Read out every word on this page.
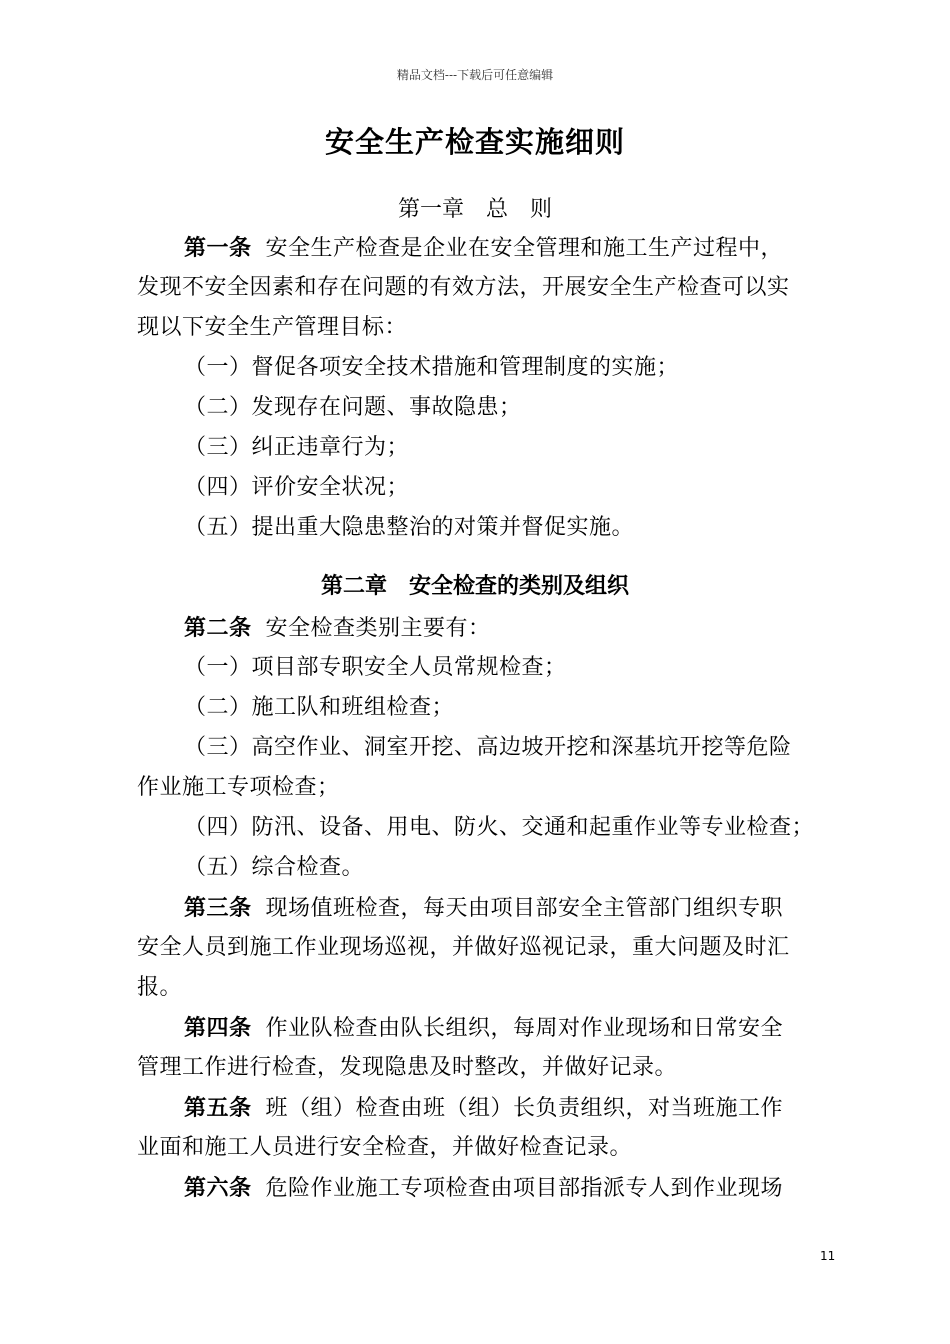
精品文档---下载后可任意编辑
安全生产检查实施细则
第一章　总　则
第一条 安全生产检查是企业在安全管理和施工生产过程中，
发现不安全因素和存在问题的有效方法，开展安全生产检查可以实
现以下安全生产管理目标：
（一）督促各项安全技术措施和管理制度的实施；
（二）发现存在问题、事故隐患；
（三）纠正违章行为；
（四）评价安全状况；
（五）提出重大隐患整治的对策并督促实施。
第二章　安全检查的类别及组织
第二条 安全检查类别主要有：
（一）项目部专职安全人员常规检查；
（二）施工队和班组检查；
（三）高空作业、洞室开挖、高边坡开挖和深基坑开挖等危险
作业施工专项检查；
（四）防汛、设备、用电、防火、交通和起重作业等专业检查；
（五）综合检查。
第三条 现场值班检查，每天由项目部安全主管部门组织专职
安全人员到施工作业现场巡视，并做好巡视记录，重大问题及时汇
报。
第四条 作业队检查由队长组织，每周对作业现场和日常安全
管理工作进行检查，发现隐患及时整改，并做好记录。
第五条 班（组）检查由班（组）长负责组织，对当班施工作
业面和施工人员进行安全检查，并做好检查记录。
第六条 危险作业施工专项检查由项目部指派专人到作业现场
11
